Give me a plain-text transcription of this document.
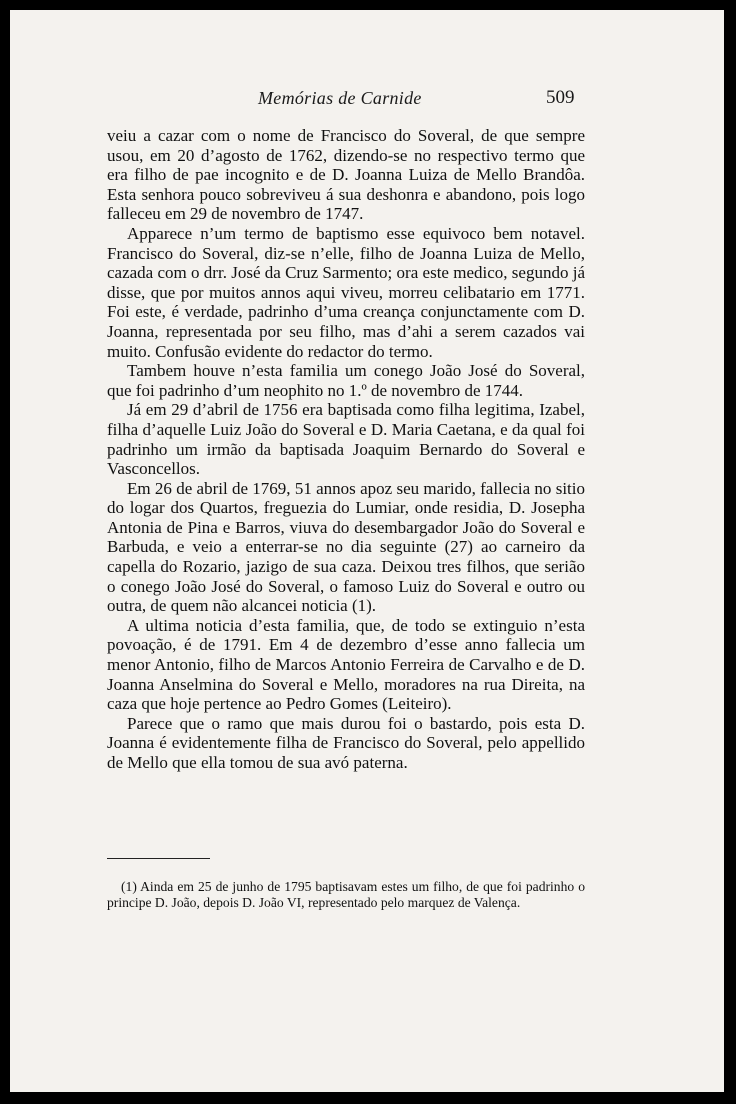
Memórias de Carnide	509

veiu a cazar com o nome de Francisco do Soveral, de que sempre usou, em 20 d’agosto de 1762, dizendo-se no respectivo termo que era filho de pae incognito e de D. Joanna Luiza de Mello Brandôa. Esta senhora pouco sobreviveu á sua deshonra e abandono, pois logo falleceu em 29 de novembro de 1747.

Apparece n’um termo de baptismo esse equivoco bem notavel. Francisco do Soveral, diz-se n’elle, filho de Joanna Luiza de Mello, cazada com o drr. José da Cruz Sarmento; ora este medico, segundo já disse, que por muitos annos aqui viveu, morreu celibatario em 1771. Foi este, é verdade, padrinho d’uma creança conjunctamente com D. Joanna, representada por seu filho, mas d’ahi a serem cazados vai muito. Confusão evidente do redactor do termo.

Tambem houve n’esta familia um conego João José do Soveral, que foi padrinho d’um neophito no 1.º de novembro de 1744.

Já em 29 d’abril de 1756 era baptisada como filha legitima, Izabel, filha d’aquelle Luiz João do Soveral e D. Maria Caetana, e da qual foi padrinho um irmão da baptisada Joaquim Bernardo do Soveral e Vasconcellos.

Em 26 de abril de 1769, 51 annos apoz seu marido, fallecia no sitio do logar dos Quartos, freguezia do Lumiar, onde residia, D. Josepha Antonia de Pina e Barros, viuva do desembargador João do Soveral e Barbuda, e veio a enterrar-se no dia seguinte (27) ao carneiro da capella do Rozario, jazigo de sua caza. Deixou tres filhos, que serião o conego João José do Soveral, o famoso Luiz do Soveral e outro ou outra, de quem não alcancei noticia (1).

A ultima noticia d’esta familia, que, de todo se extinguio n’esta povoação, é de 1791. Em 4 de dezembro d’esse anno fallecia um menor Antonio, filho de Marcos Antonio Ferreira de Carvalho e de D. Joanna Anselmina do Soveral e Mello, moradores na rua Direita, na caza que hoje pertence ao Pedro Gomes (Leiteiro).

Parece que o ramo que mais durou foi o bastardo, pois esta D. Joanna é evidentemente filha de Francisco do Soveral, pelo appellido de Mello que ella tomou de sua avó paterna.

(1) Ainda em 25 de junho de 1795 baptisavam estes um filho, de que foi padrinho o principe D. João, depois D. João VI, representado pelo marquez de Valença.
